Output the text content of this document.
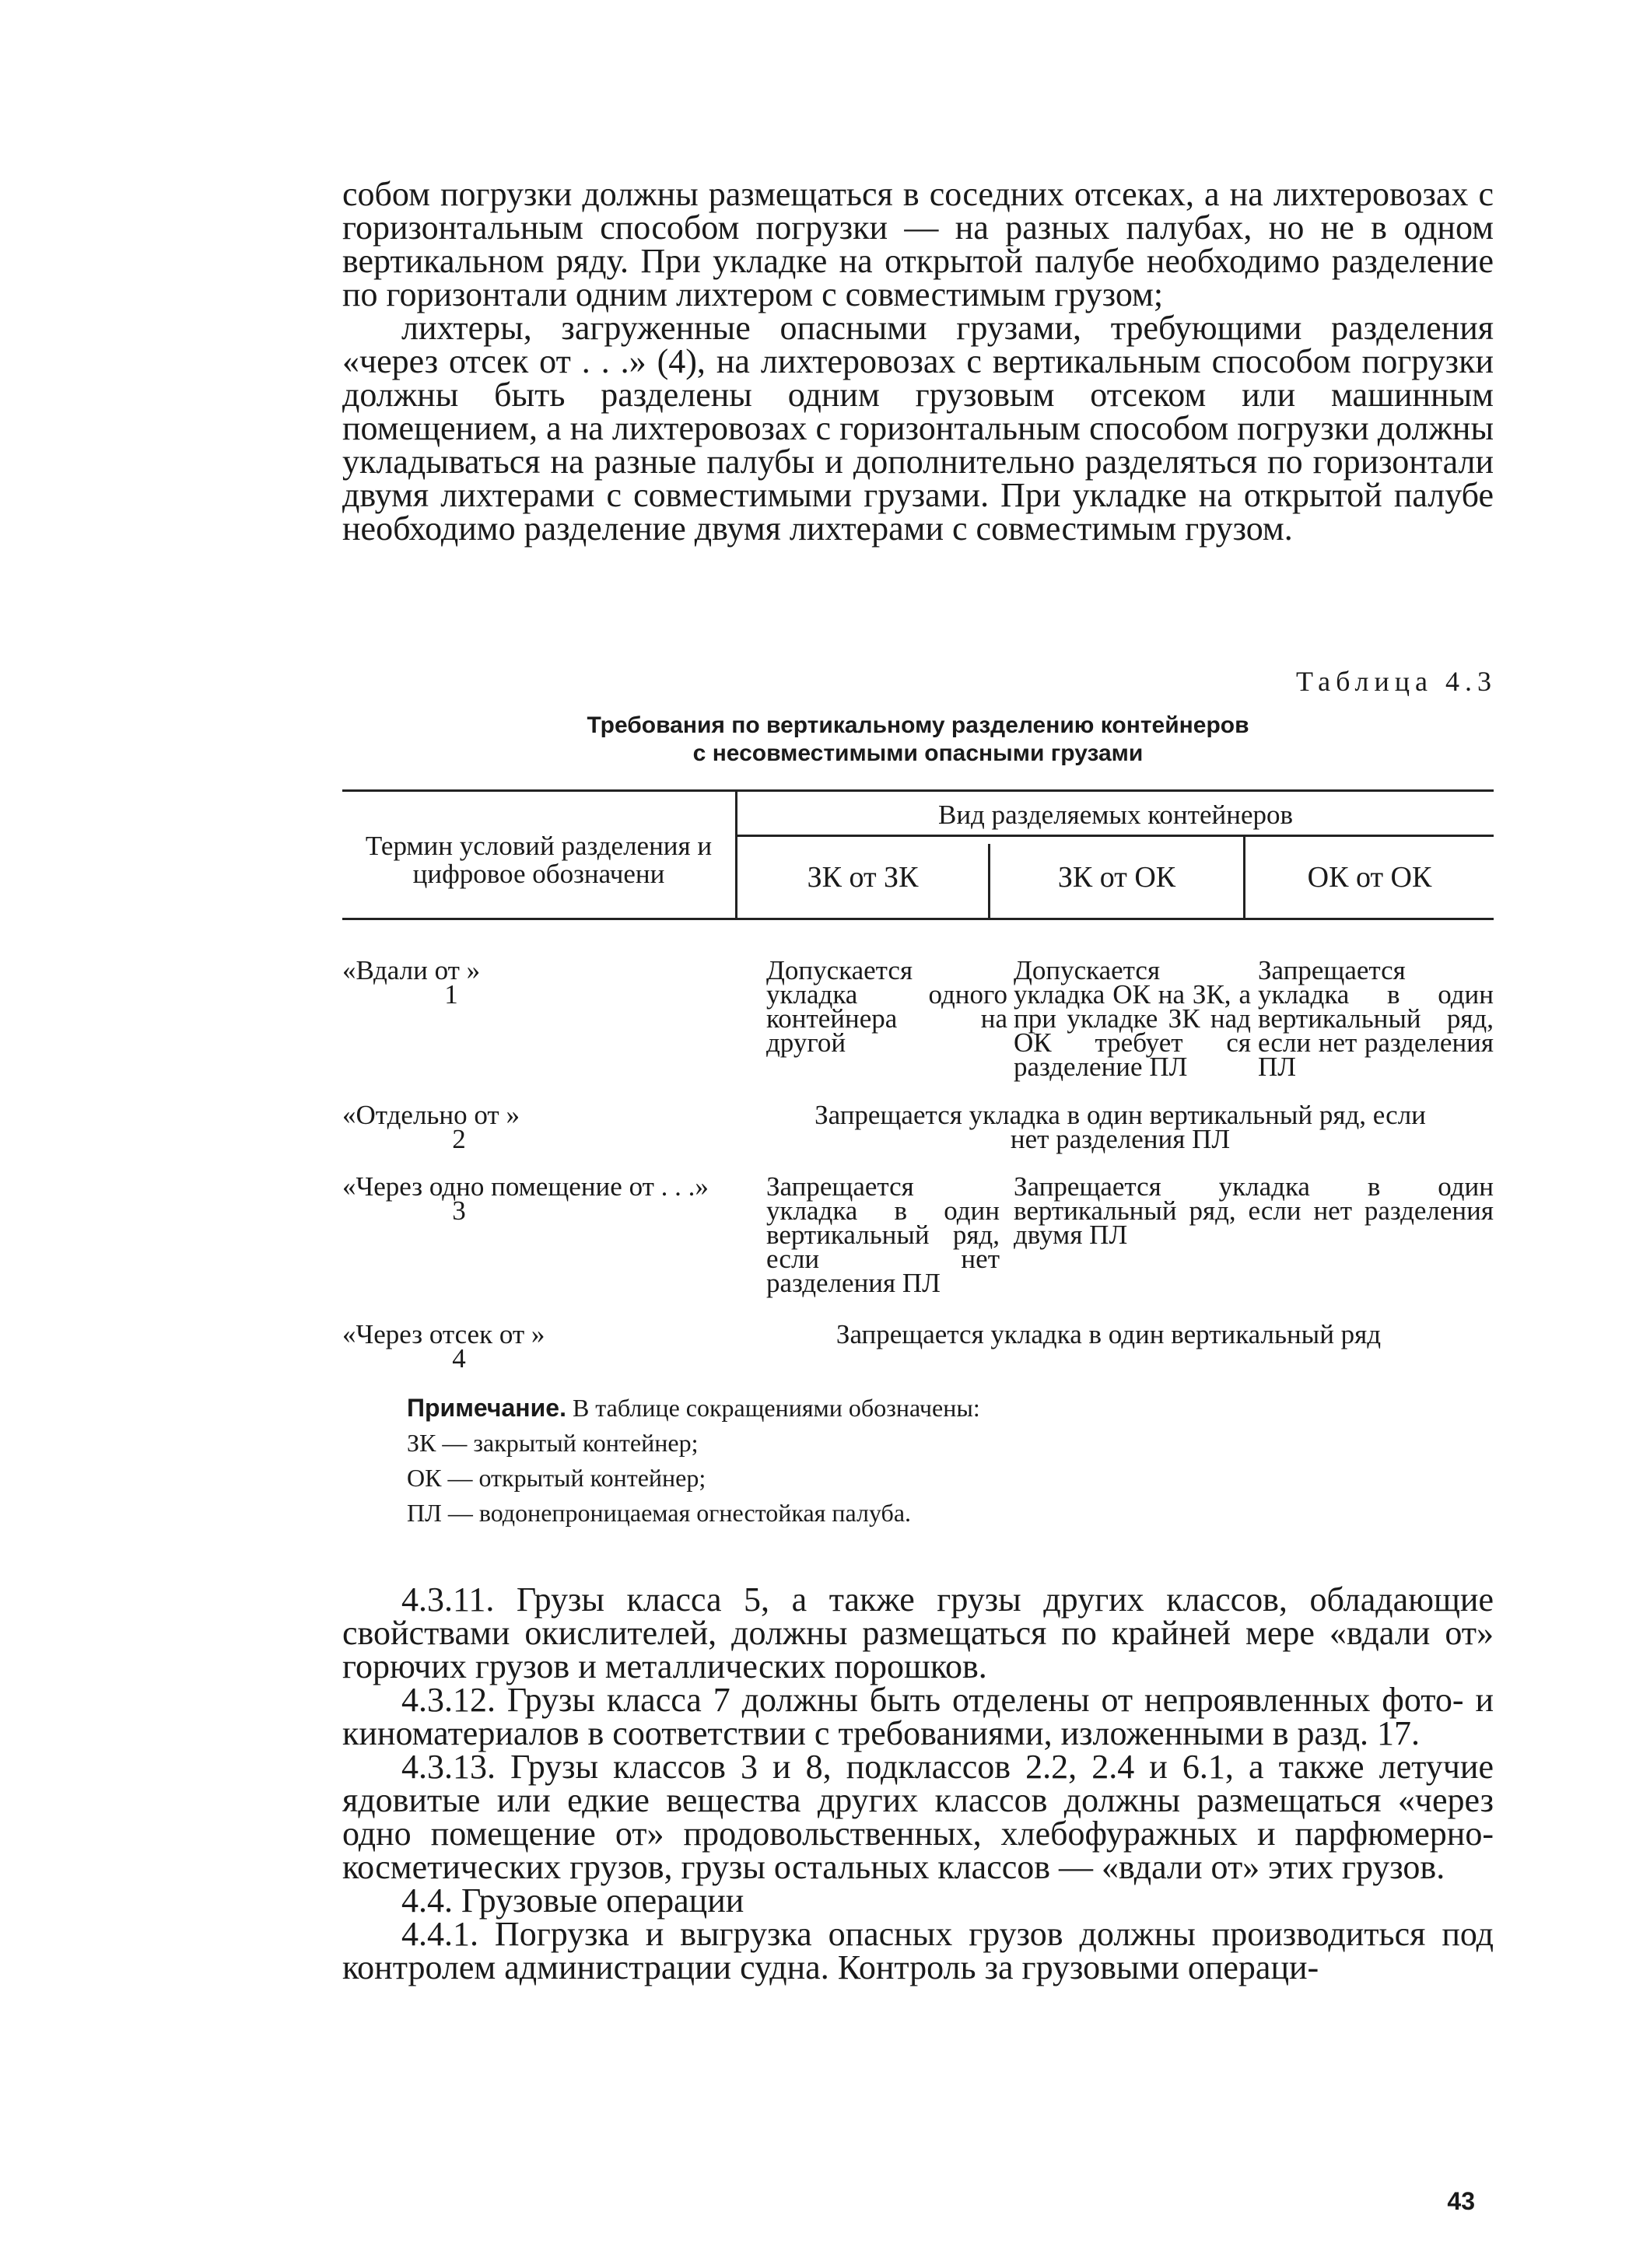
собом погрузки должны размещаться в соседних отсеках, а на лихтеровозах с горизонтальным способом погрузки — на разных палубах, но не в одном вертикальном ряду. При укладке на открытой палубе необходимо разделение по горизонтали одним лихтером с совместимым грузом;

лихтеры, загруженные опасными грузами, требующими разделения «через отсек от . . .» (4), на лихтеровозах с вертикальным способом погрузки должны быть разделены одним грузовым отсеком или машинным помещением, а на лихтеровозах с горизонтальным способом погрузки должны укладываться на разные палубы и дополнительно разделяться по горизонтали двумя лихтерами с совместимыми грузами. При укладке на открытой палубе необходимо разделение двумя лихтерами с совместимым грузом.

Таблица 4.3
Требования по вертикальному разделению контейнеров
с несовместимыми опасными грузами
Термин условий разделения и цифровое обозначени
Вид разделяемых контейнеров
ЗК от ЗК	ЗК от ОК	ОК от ОК
«Вдали от »
1
Допускается укладка одного контейнера на другой
Допускается укладка ОК на ЗК, а при укладке ЗК над ОК требует ся разделение ПЛ
Запрещается укладка в один вертикальный ряд, если нет разделения ПЛ
«Отдельно от »
2
Запрещается укладка в один вертикальный ряд, если нет разделения ПЛ
«Через одно помещение от . . .»
3
Запрещается укладка в один вертикальный ряд, если нет разделения ПЛ
Запрещается укладка в один вертикальный ряд, если нет разделения двумя ПЛ
«Через отсек от »
4
Запрещается укладка в один вертикальный ряд
Примечание. В таблице сокращениями обозначены:
ЗК — закрытый контейнер;
ОК — открытый контейнер;
ПЛ — водонепроницаемая огнестойкая палуба.

4.3.11. Грузы класса 5, а также грузы других классов, обладающие свойствами окислителей, должны размещаться по крайней мере «вдали от» горючих грузов и металлических порошков.

4.3.12. Грузы класса 7 должны быть отделены от непроявленных фото- и киноматериалов в соответствии с требованиями, изложенными в разд. 17.

4.3.13. Грузы классов 3 и 8, подклассов 2.2, 2.4 и 6.1, а также летучие ядовитые или едкие вещества других классов должны размещаться «через одно помещение от» продовольственных, хлебофуражных и парфюмерно-косметических грузов, грузы остальных классов — «вдали от» этих грузов.

4.4. Грузовые операции

4.4.1. Погрузка и выгрузка опасных грузов должны производиться под контролем администрации судна. Контроль за грузовыми операци-

43
